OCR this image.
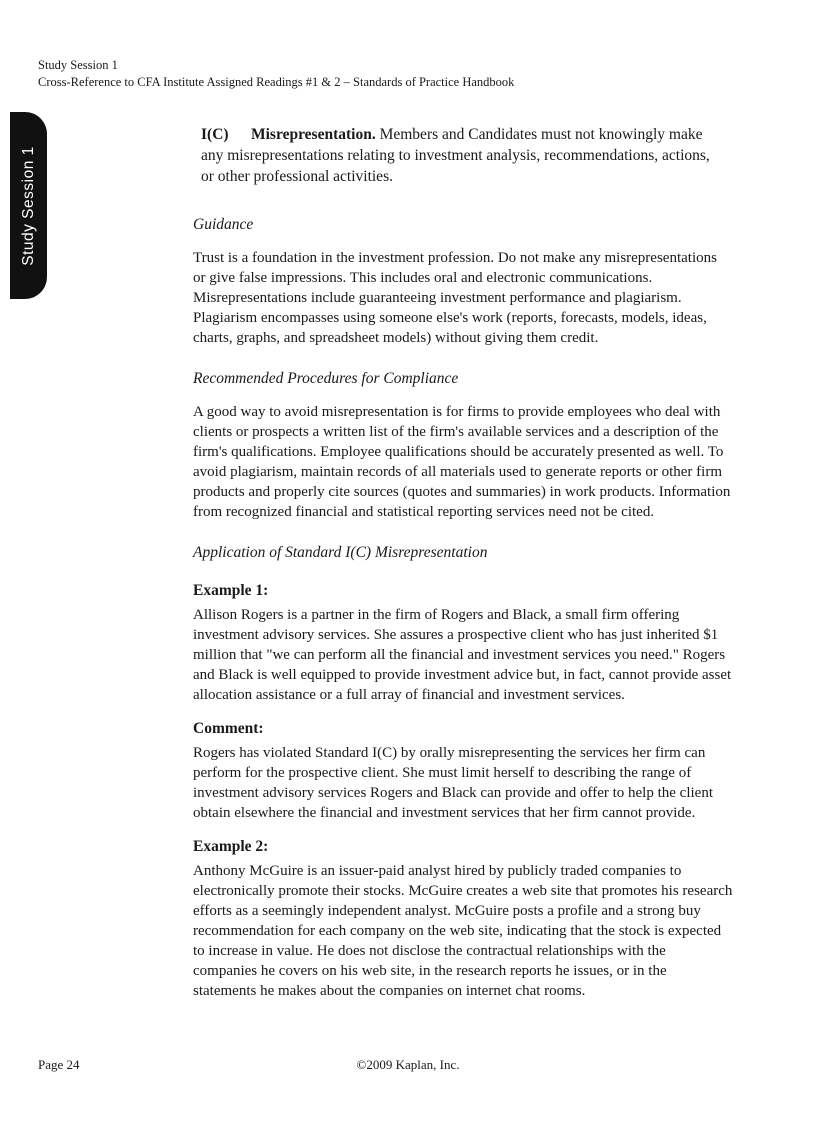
Study Session 1
Cross-Reference to CFA Institute Assigned Readings #1 & 2 – Standards of Practice Handbook
Study Session 1
I(C) Misrepresentation. Members and Candidates must not knowingly make any misrepresentations relating to investment analysis, recommendations, actions, or other professional activities.

Guidance

Trust is a foundation in the investment profession. Do not make any misrepresentations or give false impressions. This includes oral and electronic communications. Misrepresentations include guaranteeing investment performance and plagiarism. Plagiarism encompasses using someone else's work (reports, forecasts, models, ideas, charts, graphs, and spreadsheet models) without giving them credit.

Recommended Procedures for Compliance

A good way to avoid misrepresentation is for firms to provide employees who deal with clients or prospects a written list of the firm's available services and a description of the firm's qualifications. Employee qualifications should be accurately presented as well. To avoid plagiarism, maintain records of all materials used to generate reports or other firm products and properly cite sources (quotes and summaries) in work products. Information from recognized financial and statistical reporting services need not be cited.

Application of Standard I(C) Misrepresentation

Example 1:

Allison Rogers is a partner in the firm of Rogers and Black, a small firm offering investment advisory services. She assures a prospective client who has just inherited $1 million that "we can perform all the financial and investment services you need." Rogers and Black is well equipped to provide investment advice but, in fact, cannot provide asset allocation assistance or a full array of financial and investment services.

Comment:

Rogers has violated Standard I(C) by orally misrepresenting the services her firm can perform for the prospective client. She must limit herself to describing the range of investment advisory services Rogers and Black can provide and offer to help the client obtain elsewhere the financial and investment services that her firm cannot provide.

Example 2:

Anthony McGuire is an issuer-paid analyst hired by publicly traded companies to electronically promote their stocks. McGuire creates a web site that promotes his research efforts as a seemingly independent analyst. McGuire posts a profile and a strong buy recommendation for each company on the web site, indicating that the stock is expected to increase in value. He does not disclose the contractual relationships with the companies he covers on his web site, in the research reports he issues, or in the statements he makes about the companies on internet chat rooms.

Page 24	©2009 Kaplan, Inc.
